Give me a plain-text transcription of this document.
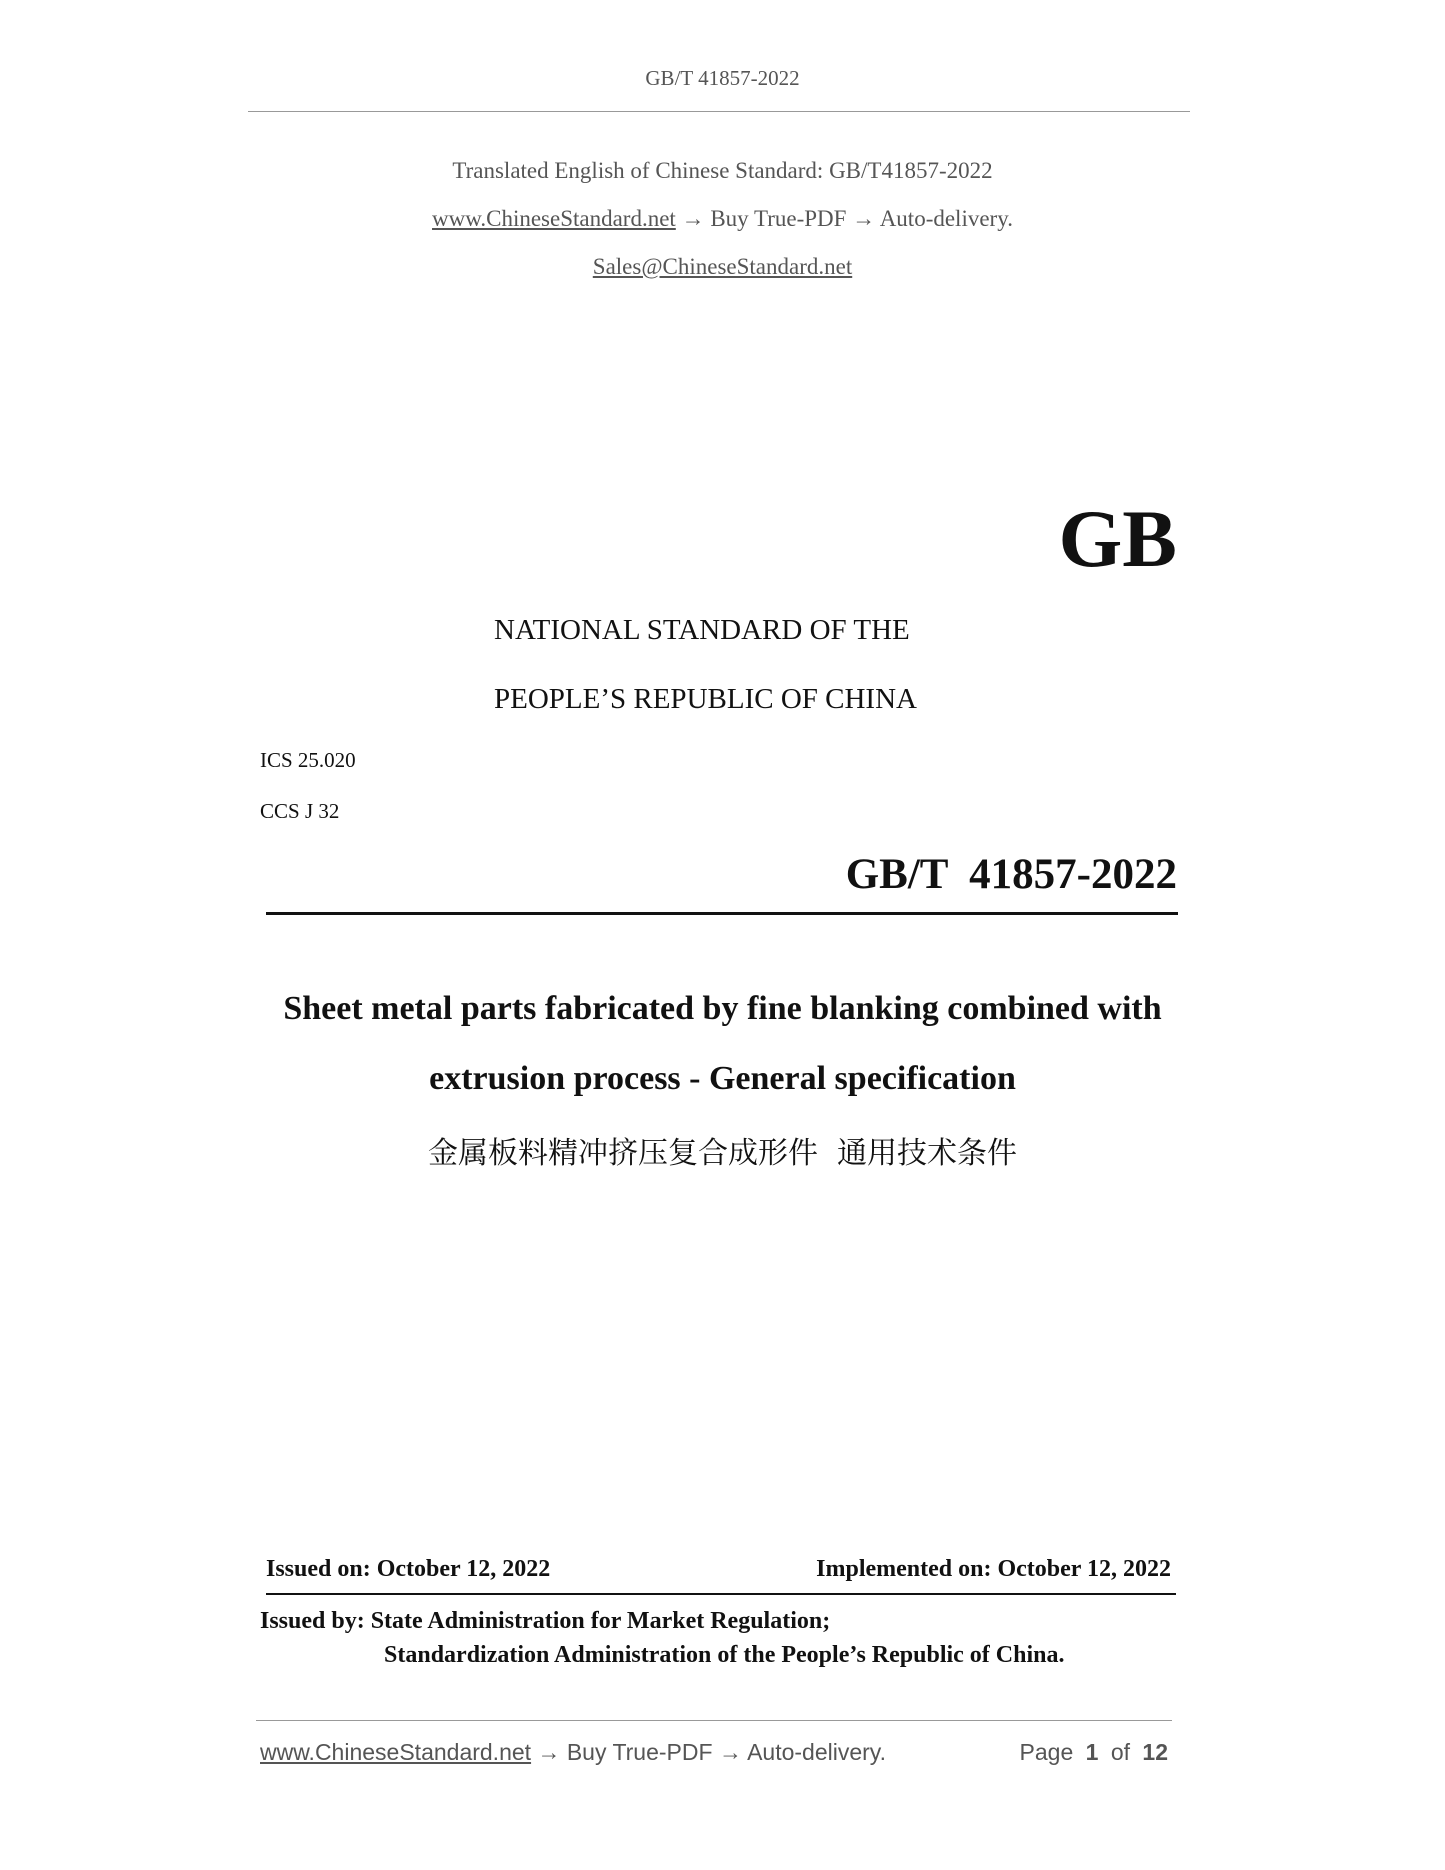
GB/T 41857-2022
Translated English of Chinese Standard: GB/T41857-2022
www.ChineseStandard.net → Buy True-PDF → Auto-delivery.
Sales@ChineseStandard.net
GB
NATIONAL STANDARD OF THE
PEOPLE’S REPUBLIC OF CHINA
ICS 25.020
CCS J 32
GB/T  41857-2022
Sheet metal parts fabricated by fine blanking combined with
extrusion process - General specification
金属板料精冲挤压复合成形件  通用技术条件
Issued on: October 12, 2022	Implemented on: October 12, 2022
Issued by: State Administration for Market Regulation;
Standardization Administration of the People’s Republic of China.
www.ChineseStandard.net → Buy True-PDF → Auto-delivery.	Page 1 of 12
